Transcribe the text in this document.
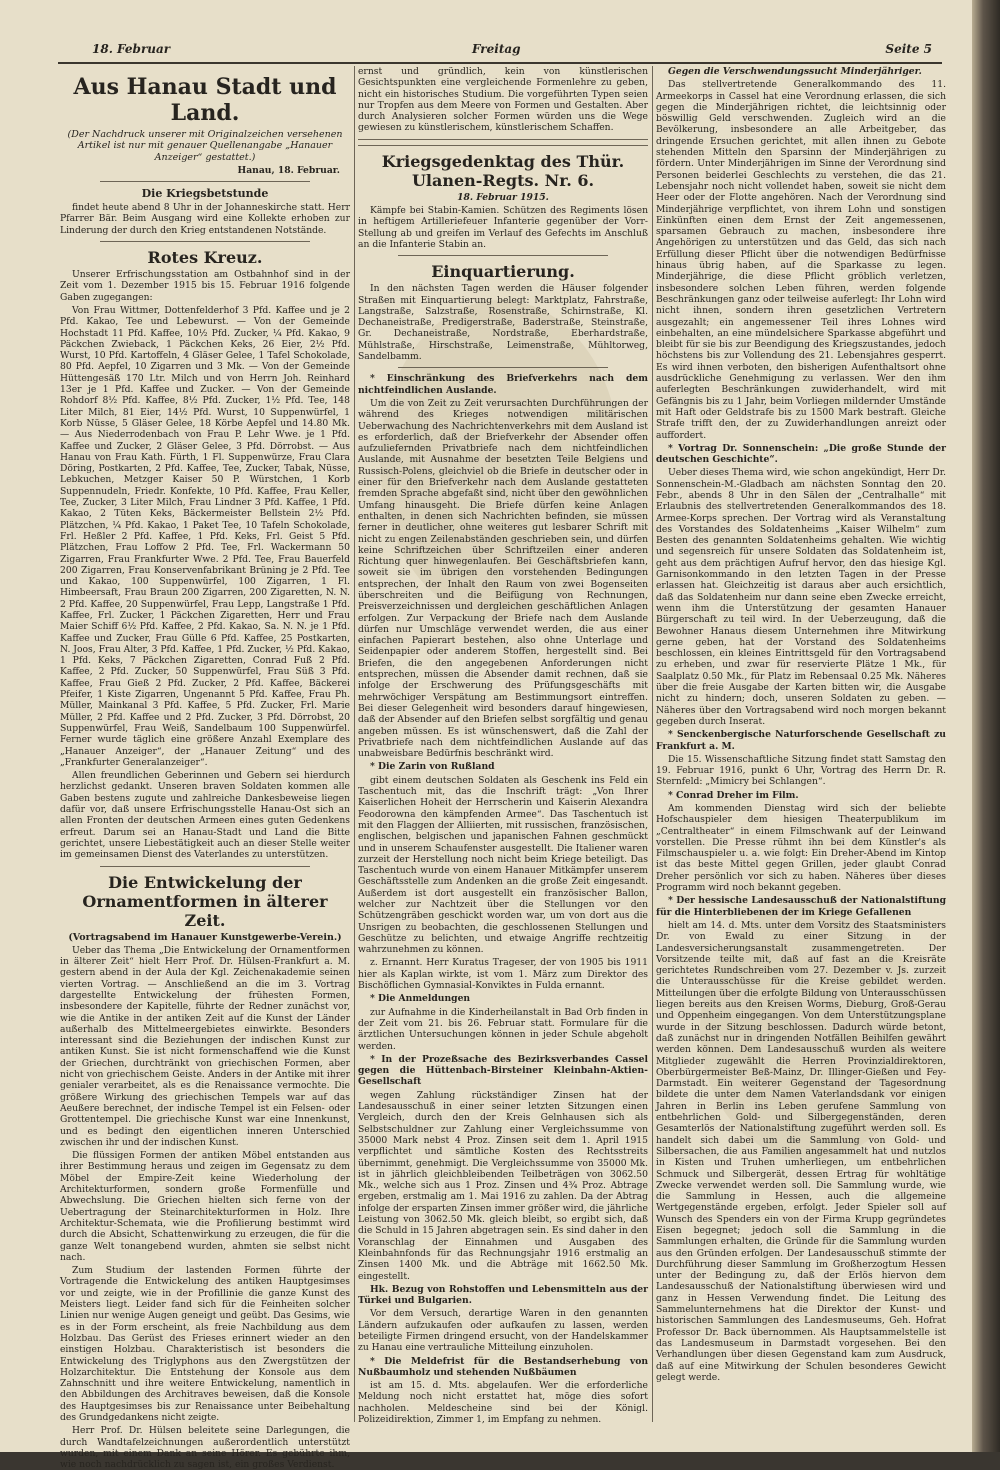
18. Februar	Freitag	Seite 5
Aus Hanau Stadt und Land.
(Der Nachdruck unserer mit Originalzeichen versehenen Artikel ist nur mit genauer Quellenangabe „Hanauer Anzeiger“ gestattet.)
Hanau, 18. Februar.
Die Kriegsbetstunde

findet heute abend 8 Uhr in der Johanneskirche statt. Herr Pfarrer Bär. Beim Ausgang wird eine Kollekte erhoben zur Linderung der durch den Krieg entstandenen Notstände.

Rotes Kreuz.

Unserer Erfrischungsstation am Ostbahnhof sind in der Zeit vom 1. Dezember 1915 bis 15. Februar 1916 folgende Gaben zugegangen:

Von Frau Wittmer, Dottenfelderhof 3 Pfd. Kaffee und je 2 Pfd. Kakao, Tee und Lebewurst. — Von der Gemeinde Hochstadt 11 Pfd. Kaffee, 10½ Pfd. Zucker, ¼ Pfd. Kakao, 9 Päckchen Zwieback, 1 Päckchen Keks, 26 Eier, 2½ Pfd. Wurst, 10 Pfd. Kartoffeln, 4 Gläser Gelee, 1 Tafel Schokolade, 80 Pfd. Aepfel, 10 Zigarren und 3 Mk. — Von der Gemeinde Hüttengesäß 170 Ltr. Milch und von Herrn Joh. Reinhard 13er je 1 Pfd. Kaffee und Zucker. — Von der Gemeinde Rohdorf 8½ Pfd. Kaffee, 8½ Pfd. Zucker, 1½ Pfd. Tee, 148 Liter Milch, 81 Eier, 14½ Pfd. Wurst, 10 Suppenwürfel, 1 Korb Nüsse, 5 Gläser Gelee, 18 Körbe Aepfel und 14.80 Mk. — Aus Niederrodenbach von Frau P. Lehr Wwe. je 1 Pfd. Kaffee und Zucker, 2 Gläser Gelee, 3 Pfd. Dörrobst. — Aus Hanau von Frau Kath. Fürth, 1 Fl. Suppenwürze, Frau Clara Döring, Postkarten, 2 Pfd. Kaffee, Tee, Zucker, Tabak, Nüsse, Lebkuchen, Metzger Kaiser 50 P. Würstchen, 1 Korb Suppennudeln, Friedr. Konfekte, 10 Pfd. Kaffee, Frau Keller, Tee, Zucker, 3 Liter Milch, Frau Lindner 3 Pfd. Kaffee, 1 Pfd. Kakao, 2 Tüten Keks, Bäckermeister Bellstein 2½ Pfd. Plätzchen, ¼ Pfd. Kakao, 1 Paket Tee, 10 Tafeln Schokolade, Frl. Heßler 2 Pfd. Kaffee, 1 Pfd. Keks, Frl. Geist 5 Pfd. Plätzchen, Frau Loffow 2 Pfd. Tee, Frl. Wackermann 50 Zigarren, Frau Frankfurter Wwe. 2 Pfd. Tee, Frau Bauerfeld 200 Zigarren, Frau Konservenfabrikant Brüning je 2 Pfd. Tee und Kakao, 100 Suppenwürfel, 100 Zigarren, 1 Fl. Himbeersaft, Frau Braun 200 Zigarren, 200 Zigaretten, N. N. 2 Pfd. Kaffee, 20 Suppenwürfel, Frau Lepp, Langstraße 1 Pfd. Kaffee, Frl. Zucker, 1 Päckchen Zigaretten, Herr und Frau Maier Schiff 6½ Pfd. Kaffee, 2 Pfd. Kakao, Sa. N. N. je 1 Pfd. Kaffee und Zucker, Frau Gülle 6 Pfd. Kaffee, 25 Postkarten, N. Joos, Frau Alter, 3 Pfd. Kaffee, 1 Pfd. Zucker, ½ Pfd. Kakao, 1 Pfd. Keks, 7 Päckchen Zigaretten, Conrad Fuß 2 Pfd. Kaffee, 2 Pfd. Zucker, 50 Suppenwürfel, Frau Süß 3 Pfd. Kaffee, Frau Gieß 2 Pfd. Zucker, 2 Pfd. Kaffee, Bäckerei Pfeifer, 1 Kiste Zigarren, Ungenannt 5 Pfd. Kaffee, Frau Ph. Müller, Mainkanal 3 Pfd. Kaffee, 5 Pfd. Zucker, Frl. Marie Müller, 2 Pfd. Kaffee und 2 Pfd. Zucker, 3 Pfd. Dörrobst, 20 Suppenwürfel, Frau Weiß, Sandelbaum 100 Suppenwürfel. Ferner wurde täglich eine größere Anzahl Exemplare des „Hanauer Anzeiger“, der „Hanauer Zeitung“ und des „Frankfurter Generalanzeiger“.

Allen freundlichen Geberinnen und Gebern sei hierdurch herzlichst gedankt. Unseren braven Soldaten kommen alle Gaben bestens zugute und zahlreiche Dankesbeweise liegen dafür vor, daß unsere Erfrischungsstelle Hanau-Ost sich an allen Fronten der deutschen Armeen eines guten Gedenkens erfreut. Darum sei an Hanau-Stadt und Land die Bitte gerichtet, unsere Liebestätigkeit auch an dieser Stelle weiter im gemeinsamen Dienst des Vaterlandes zu unterstützen.

Die Entwickelung der Ornamentformen in älterer Zeit.
(Vortragsabend im Hanauer Kunstgewerbe-Verein.)

Ueber das Thema „Die Entwickelung der Ornamentformen in älterer Zeit“ hielt Herr Prof. Dr. Hülsen-Frankfurt a. M. gestern abend in der Aula der Kgl. Zeichenakademie seinen vierten Vortrag. — Anschließend an die im 3. Vortrag dargestellte Entwickelung der frühesten Formen, insbesondere der Kapitelle, führte der Redner zunächst vor, wie die Antike in der antiken Zeit auf die Kunst der Länder außerhalb des Mittelmeergebietes einwirkte. Besonders interessant sind die Beziehungen der indischen Kunst zur antiken Kunst. Sie ist nicht formenschaffend wie die Kunst der Griechen, durchtränkt von griechischen Formen, aber nicht von griechischem Geiste. Anders in der Antike mit ihrer genialer verarbeitet, als es die Renaissance vermochte. Die größere Wirkung des griechischen Tempels war auf das Aeußere berechnet, der indische Tempel ist ein Felsen- oder Grottentempel. Die griechische Kunst war eine Innenkunst, und es bedingt den eigentlichen inneren Unterschied zwischen ihr und der indischen Kunst.

Die flüssigen Formen der antiken Möbel entstanden aus ihrer Bestimmung heraus und zeigen im Gegensatz zu dem Möbel der Empire-Zeit keine Wiederholung der Architekturformen, sondern große Formenfülle und Abwechslung. Die Griechen hielten sich ferne von der Uebertragung der Steinarchitekturformen in Holz. Ihre Architektur-Schemata, wie die Profilierung bestimmt wird durch die Absicht, Schattenwirkung zu erzeugen, die für die ganze Welt tonangebend wurden, ahmten sie selbst nicht nach.

Zum Studium der lastenden Formen führte der Vortragende die Entwickelung des antiken Hauptgesimses vor und zeigte, wie in der Profillinie die ganze Kunst des Meisters liegt. Leider fand sich für die Feinheiten solcher Linien nur wenige Augen geneigt und geübt. Das Gesims, wie es in der Form erscheint, als freie Nachbildung aus dem Holzbau. Das Gerüst des Frieses erinnert wieder an den einstigen Holzbau. Charakteristisch ist besonders die Entwickelung des Triglyphons aus den Zwergstützen der Holzarchitektur. Die Entstehung der Konsole aus dem Zahnschnitt und ihre weitere Entwickelung, namentlich in den Abbildungen des Architraves beweisen, daß die Konsole des Hauptgesimses bis zur Renaissance unter Beibehaltung des Grundgedankens nicht zeigte.

Herr Prof. Dr. Hülsen beleitete seine Darlegungen, die durch Wandtafelzeichnungen außerordentlich unterstützt wurden, mit einem Dank an seine Hörer. Es gebührte ihm, wie noch nachdrücklich zu sagen ist, ein großes Verdienst.

ernst und gründlich, kein von künstlerischen Gesichtspunkten eine vergleichende Formenlehre zu geben, nicht ein historisches Studium. Die vorgeführten Typen seien nur Tropfen aus dem Meere von Formen und Gestalten. Aber durch Analysieren solcher Formen würden uns die Wege gewiesen zu künstlerischem, künstlerischem Schaffen.

Kriegsgedenktag des Thür. Ulanen-Regts. Nr. 6.
18. Februar 1915.

Kämpfe bei Stabin-Kamien. Schützen des Regiments lösen in heftigem Artilleriefeuer Infanterie gegenüber der Vorr-Stellung ab und greifen im Verlauf des Gefechts im Anschluß an die Infanterie Stabin an.

Einquartierung.

In den nächsten Tagen werden die Häuser folgender Straßen mit Einquartierung belegt: Marktplatz, Fahrstraße, Langstraße, Salzstraße, Rosenstraße, Schirnstraße, Kl. Dechaneistraße, Predigerstraße, Baderstraße, Steinstraße, Gr. Dechaneistraße, Nordstraße, Eberhardstraße, Mühlstraße, Hirschstraße, Leimenstraße, Mühltorweg, Sandelbamm.

* Einschränkung des Briefverkehrs nach dem nichtfeindlichen Auslande.

Um die von Zeit zu Zeit verursachten Durchführungen der während des Krieges notwendigen militärischen Ueberwachung des Nachrichtenverkehrs mit dem Ausland ist es erforderlich, daß der Briefverkehr der Absender offen aufzuliefernden Privatbriefe nach dem nichtfeindlichen Auslande, mit Ausnahme der besetzten Teile Belgiens und Russisch-Polens, gleichviel ob die Briefe in deutscher oder in einer für den Briefverkehr nach dem Auslande gestatteten fremden Sprache abgefaßt sind, nicht über den gewöhnlichen Umfang hinausgeht. Die Briefe dürfen keine Anlagen enthalten, in denen sich Nachrichten befinden, sie müssen ferner in deutlicher, ohne weiteres gut lesbarer Schrift mit nicht zu engen Zeilenabständen geschrieben sein, und dürfen keine Schriftzeichen über Schriftzeilen einer anderen Richtung quer hinwegenlaufen. Bei Geschäftsbriefen kann, soweit sie im übrigen den vorstehenden Bedingungen entsprechen, der Inhalt den Raum von zwei Bogenseiten überschreiten und die Beifügung von Rechnungen, Preisverzeichnissen und dergleichen geschäftlichen Anlagen erfolgen. Zur Verpackung der Briefe nach dem Auslande dürfen nur Umschläge verwendet werden, die aus einer einfachen Papierart bestehen, also ohne Unterlage und Seidenpapier oder anderem Stoffen, hergestellt sind. Bei Briefen, die den angegebenen Anforderungen nicht entsprechen, müssen die Absender damit rechnen, daß sie infolge der Erschwerung des Prüfungsgeschäfts mit mehrwöchiger Verspätung am Bestimmungsort eintreffen. Bei dieser Gelegenheit wird besonders darauf hingewiesen, daß der Absender auf den Briefen selbst sorgfältig und genau angeben müssen. Es ist wünschenswert, daß die Zahl der Privatbriefe nach dem nichtfeindlichen Auslande auf das unabweisbare Bedürfnis beschränkt wird.

* Die Zarin von Rußland

gibt einem deutschen Soldaten als Geschenk ins Feld ein Taschentuch mit, das die Inschrift trägt: „Von Ihrer Kaiserlichen Hoheit der Herrscherin und Kaiserin Alexandra Feodorowna den kämpfenden Armee“. Das Taschentuch ist mit den Flaggen der Alliierten, mit russischen, französischen, englischen, belgischen und japanischen Fahnen geschmückt und in unserem Schaufenster ausgestellt. Die Italiener waren zurzeit der Herstellung noch nicht beim Kriege beteiligt. Das Taschentuch wurde von einem Hanauer Mitkämpfer unserem Geschäftsstelle zum Andenken an die große Zeit eingesandt. Außerdem ist dort ausgestellt ein französischer Ballon, welcher zur Nachtzeit über die Stellungen vor den Schützengräben geschickt worden war, um von dort aus die Unsrigen zu beobachten, die geschlossenen Stellungen und Geschütze zu belichten, und etwaige Angriffe rechtzeitig wahrzunehmen zu können.

z. Ernannt. Herr Kuratus Trageser, der von 1905 bis 1911 hier als Kaplan wirkte, ist vom 1. März zum Direktor des Bischöflichen Gymnasial-Konviktes in Fulda ernannt.

* Die Anmeldungen

zur Aufnahme in die Kinderheilanstalt in Bad Orb finden in der Zeit vom 21. bis 26. Februar statt. Formulare für die ärztlichen Untersuchungen können in jeder Schule abgeholt werden.

* In der Prozeßsache des Bezirksverbandes Cassel gegen die Hüttenbach-Birsteiner Kleinbahn-Aktien-Gesellschaft

wegen Zahlung rückständiger Zinsen hat der Landesausschuß in einer seiner letzten Sitzungen einen Vergleich, durch den der Kreis Gelnhausen sich als Selbstschuldner zur Zahlung einer Vergleichssumme von 35000 Mark nebst 4 Proz. Zinsen seit dem 1. April 1915 verpflichtet und sämtliche Kosten des Rechtsstreits übernimmt, genehmigt. Die Vergleichssumme von 35000 Mk. ist in jährlich gleichbleibenden Teilbeträgen von 3062.50 Mk., welche sich aus 1 Proz. Zinsen und 4¾ Proz. Abtrage ergeben, erstmalig am 1. Mai 1916 zu zahlen. Da der Abtrag infolge der ersparten Zinsen immer größer wird, die jährliche Leistung von 3062.50 Mk. gleich bleibt, so ergibt sich, daß die Schuld in 15 Jahren abgetragen sein. Es sind daher in den Voranschlag der Einnahmen und Ausgaben des Kleinbahnfonds für das Rechnungsjahr 1916 erstmalig an Zinsen 1400 Mk. und die Abträge mit 1662.50 Mk. eingestellt.

Hk. Bezug von Rohstoffen und Lebensmitteln aus der Türkei und Bulgarien.

Vor dem Versuch, derartige Waren in den genannten Ländern aufzukaufen oder aufkaufen zu lassen, werden beteiligte Firmen dringend ersucht, von der Handelskammer zu Hanau eine vertrauliche Mitteilung einzuholen.

* Die Meldefrist für die Bestandserhebung von Nußbaumholz und stehenden Nußbäumen

ist am 15. d. Mts. abgelaufen. Wer die erforderliche Meldung noch nicht erstattet hat, möge dies sofort nachholen. Meldescheine sind bei der Königl. Polizeidirektion, Zimmer 1, im Empfang zu nehmen.

Gegen die Verschwendungssucht Minderjähriger.

Das stellvertretende Generalkommando des 11. Armeekorps in Cassel hat eine Verordnung erlassen, die sich gegen die Minderjährigen richtet, die leichtsinnig oder böswillig Geld verschwenden. Zugleich wird an die Bevölkerung, insbesondere an alle Arbeitgeber, das dringende Ersuchen gerichtet, mit allen ihnen zu Gebote stehenden Mitteln den Sparsinn der Minderjährigen zu fördern. Unter Minderjährigen im Sinne der Verordnung sind Personen beiderlei Geschlechts zu verstehen, die das 21. Lebensjahr noch nicht vollendet haben, soweit sie nicht dem Heer oder der Flotte angehören. Nach der Verordnung sind Minderjährige verpflichtet, von ihrem Lohn und sonstigen Einkünften einen dem Ernst der Zeit angemessenen, sparsamen Gebrauch zu machen, insbesondere ihre Angehörigen zu unterstützen und das Geld, das sich nach Erfüllung dieser Pflicht über die notwendigen Bedürfnisse hinaus übrig haben, auf die Sparkasse zu legen. Minderjährige, die diese Pflicht gröblich verletzen, insbesondere solchen Leben führen, werden folgende Beschränkungen ganz oder teilweise auferlegt: Ihr Lohn wird nicht ihnen, sondern ihren gesetzlichen Vertretern ausgezahlt; ein angemessener Teil ihres Lohnes wird einbehalten, an eine mündelsichere Sparkasse abgeführt und bleibt für sie bis zur Beendigung des Kriegszustandes, jedoch höchstens bis zur Vollendung des 21. Lebensjahres gesperrt. Es wird ihnen verboten, den bisherigen Aufenthaltsort ohne ausdrückliche Genehmigung zu verlassen. Wer den ihm auferlegten Beschränkungen zuwiderhandelt, wird mit Gefängnis bis zu 1 Jahr, beim Vorliegen mildernder Umstände mit Haft oder Geldstrafe bis zu 1500 Mark bestraft. Gleiche Strafe trifft den, der zu Zuwiderhandlungen anreizt oder auffordert.

* Vortrag Dr. Sonnenschein: „Die große Stunde der deutschen Geschichte“.

Ueber dieses Thema wird, wie schon angekündigt, Herr Dr. Sonnenschein-M.-Gladbach am nächsten Sonntag den 20. Febr., abends 8 Uhr in den Sälen der „Centralhalle“ mit Erlaubnis des stellvertretenden Generalkommandos des 18. Armee-Korps sprechen. Der Vortrag wird als Veranstaltung des Vorstandes des Soldatenheims „Kaiser Wilhelm“ zum Besten des genannten Soldatenheims gehalten. Wie wichtig und segensreich für unsere Soldaten das Soldatenheim ist, geht aus dem prächtigen Aufruf hervor, den das hiesige Kgl. Garnisonkommando in den letzten Tagen in der Presse erlassen hat. Gleichzeitig ist daraus aber auch ersichtlich, daß das Soldatenheim nur dann seine eben Zwecke erreicht, wenn ihm die Unterstützung der gesamten Hanauer Bürgerschaft zu teil wird. In der Ueberzeugung, daß die Bewohner Hanaus diesem Unternehmen ihre Mitwirkung gerne geben, hat der Vorstand des Soldatenheims beschlossen, ein kleines Eintrittsgeld für den Vortragsabend zu erheben, und zwar für reservierte Plätze 1 Mk., für Saalplatz 0.50 Mk., für Platz im Rebensaal 0.25 Mk. Näheres über die freie Ausgabe der Karten bitten wir, die Ausgabe nicht zu hindern; doch, unseren Soldaten zu geben. — Näheres über den Vortragsabend wird noch morgen bekannt gegeben durch Inserat.

* Senckenbergische Naturforschende Gesellschaft zu Frankfurt a. M.

Die 15. Wissenschaftliche Sitzung findet statt Samstag den 19. Februar 1916, punkt 6 Uhr, Vortrag des Herrn Dr. R. Sternfeld: „Mimicry bei Schlangen“.

* Conrad Dreher im Film.

Am kommenden Dienstag wird sich der beliebte Hofschauspieler dem hiesigen Theaterpublikum im „Centraltheater“ in einem Filmschwank auf der Leinwand vorstellen. Die Presse rühmt ihn bei dem Künstler's als Filmschauspieler u. a. wie folgt: Ein Dreher-Abend im Kintop ist das beste Mittel gegen Grillen, jeder glaubt Conrad Dreher persönlich vor sich zu haben. Näheres über dieses Programm wird noch bekannt gegeben.

* Der hessische Landesausschuß der Nationalstiftung für die Hinterbliebenen der im Kriege Gefallenen

hielt am 14. d. Mts. unter dem Vorsitz des Staatsministers Dr. von Ewald zu einer Sitzung in der Landesversicherungsanstalt zusammengetreten. Der Vorsitzende teilte mit, daß auf fast an die Kreisräte gerichtetes Rundschreiben vom 27. Dezember v. Js. zurzeit die Unterausschüsse für die Kreise gebildet werden. Mitteilungen über die erfolgte Bildung von Unterausschüssen liegen bereits aus den Kreisen Worms, Dieburg, Groß-Gerau und Oppenheim eingegangen. Von dem Unterstützungsplane wurde in der Sitzung beschlossen. Dadurch würde betont, daß zunächst nur in dringenden Notfällen Beihilfen gewährt werden können. Dem Landesausschuß wurden als weitere Mitglieder zugewählt die Herren Provinzialdirektoren, Oberbürgermeister Beß-Mainz, Dr. Illinger-Gießen und Fey-Darmstadt. Ein weiterer Gegenstand der Tagesordnung bildete die unter dem Namen Vaterlandsdank vor einigen Jahren in Berlin ins Leben gerufene Sammlung von entbehrlichen Gold- und Silbergegenständen, deren Gesamterlös der Nationalstiftung zugeführt werden soll. Es handelt sich dabei um die Sammlung von Gold- und Silbersachen, die aus Familien angesammelt hat und nutzlos in Kisten und Truhen umherliegen, um entbehrlichen Schmuck und Silbergerät, dessen Ertrag für wohltätige Zwecke verwendet werden soll. Die Sammlung wurde, wie die Sammlung in Hessen, auch die allgemeine Wertgegenstände ergeben, erfolgt. Jeder Spieler soll auf Wunsch des Spenders ein von der Firma Krupp gegründetes Eisen begegnet; jedoch soll die Sammlung in die Sammlungen erhalten, die Gründe für die Sammlung wurden aus den Gründen erfolgen. Der Landesausschuß stimmte der Durchführung dieser Sammlung im Großherzogtum Hessen unter der Bedingung zu, daß der Erlös hiervon dem Landesausschuß der Nationalstiftung überwiesen wird und ganz in Hessen Verwendung findet. Die Leitung des Sammelunternehmens hat die Direktor der Kunst- und historischen Sammlungen des Landesmuseums, Geh. Hofrat Professor Dr. Back übernommen. Als Hauptsammelstelle ist das Landesmuseum in Darmstadt vorgesehen. Bei den Verhandlungen über diesen Gegenstand kam zum Ausdruck, daß auf eine Mitwirkung der Schulen besonderes Gewicht gelegt werde.
